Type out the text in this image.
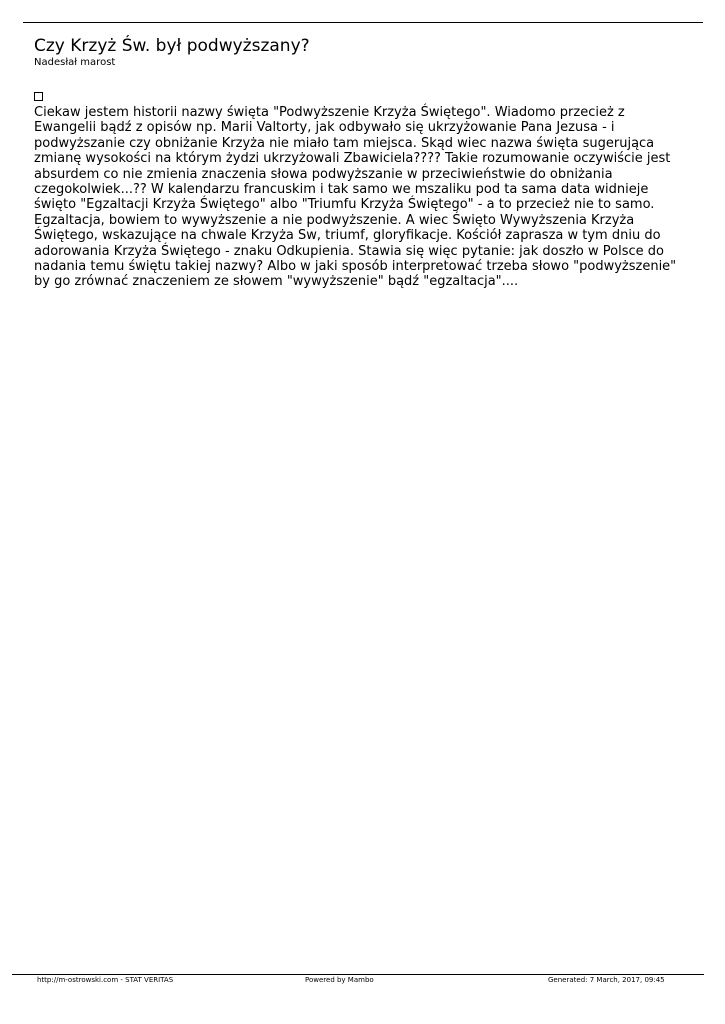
Czy Krzyż Św. był podwyższany?

Nadesłał marost

Ciekaw jestem historii nazwy święta "Podwyższenie Krzyża Świętego". Wiadomo przecież z Ewangelii bądź z opisów np. Marii Valtorty, jak odbywało się ukrzyżowanie Pana Jezusa - i podwyższanie czy obniżanie Krzyża nie miało tam miejsca. Skąd wiec nazwa święta sugerująca zmianę wysokości na którym żydzi ukrzyżowali Zbawiciela???? Takie rozumowanie oczywiście jest absurdem co nie zmienia znaczenia słowa podwyższanie w przeciwieństwie do obniżania czegokolwiek...?? W kalendarzu francuskim i tak samo we mszaliku pod ta sama data widnieje święto "Egzaltacji Krzyża Świętego" albo "Triumfu Krzyża Świętego" - a to przecież nie to samo. Egzaltacja, bowiem to wywyższenie a nie podwyższenie. A wiec Święto Wywyższenia Krzyża Świętego, wskazujące na chwale Krzyża Sw, triumf, gloryfikacje. Kościół zaprasza w tym dniu do adorowania Krzyża Świętego - znaku Odkupienia. Stawia się więc pytanie: jak doszło w Polsce do nadania temu świętu takiej nazwy? Albo w jaki sposób interpretować trzeba słowo "podwyższenie" by go zrównać znaczeniem ze słowem "wywyższenie" bądź "egzaltacja"....

http://m-ostrowski.com - STAT VERITAS	Powered by Mambo	Generated: 7 March, 2017, 09:45
